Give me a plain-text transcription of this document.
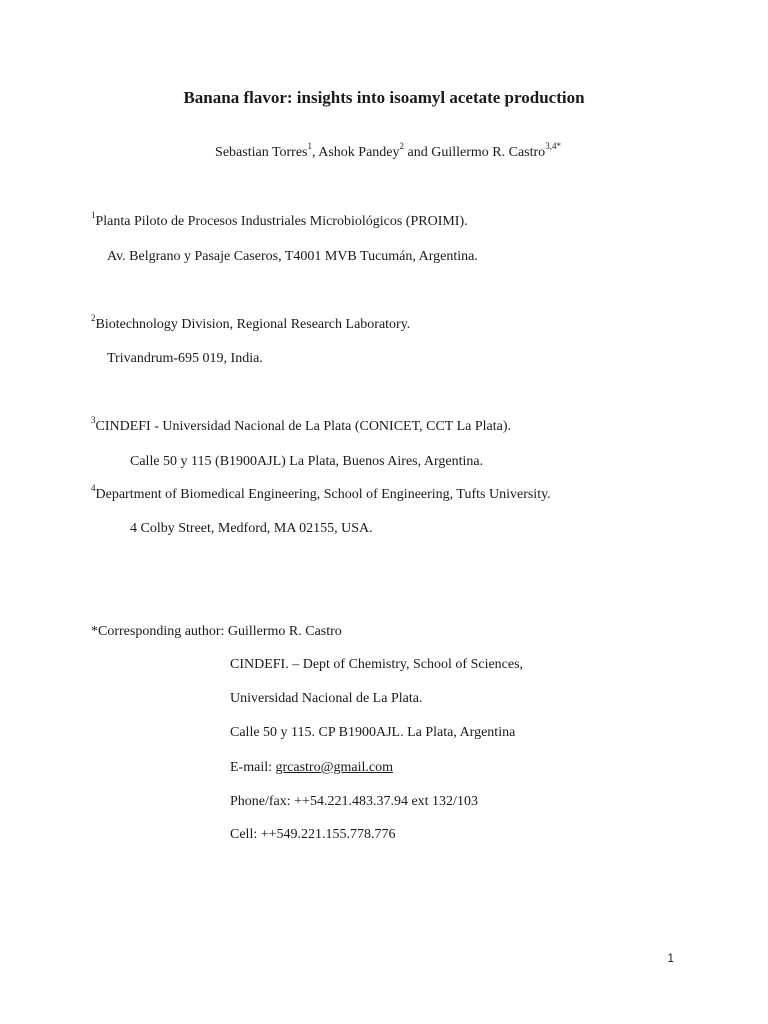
Banana flavor: insights into isoamyl acetate production
Sebastian Torres$^1$, Ashok Pandey$^2$ and Guillermo R. Castro$^{3,4*}$
$^1$Planta Piloto de Procesos Industriales Microbiológicos (PROIMI).
Av. Belgrano y Pasaje Caseros, T4001 MVB Tucumán, Argentina.
$^2$Biotechnology Division, Regional Research Laboratory.
Trivandrum-695 019, India.
$^3$CINDEFI - Universidad Nacional de La Plata (CONICET, CCT La Plata).
Calle 50 y 115 (B1900AJL) La Plata, Buenos Aires, Argentina.
$^4$Department of Biomedical Engineering, School of Engineering, Tufts University.
4 Colby Street, Medford, MA 02155, USA.
*Corresponding author: Guillermo R. Castro
CINDEFI. – Dept of Chemistry, School of Sciences,
Universidad Nacional de La Plata.
Calle 50 y 115. CP B1900AJL. La Plata, Argentina
E-mail: grcastro@gmail.com
Phone/fax: ++54.221.483.37.94 ext 132/103
Cell: ++549.221.155.778.776
1
